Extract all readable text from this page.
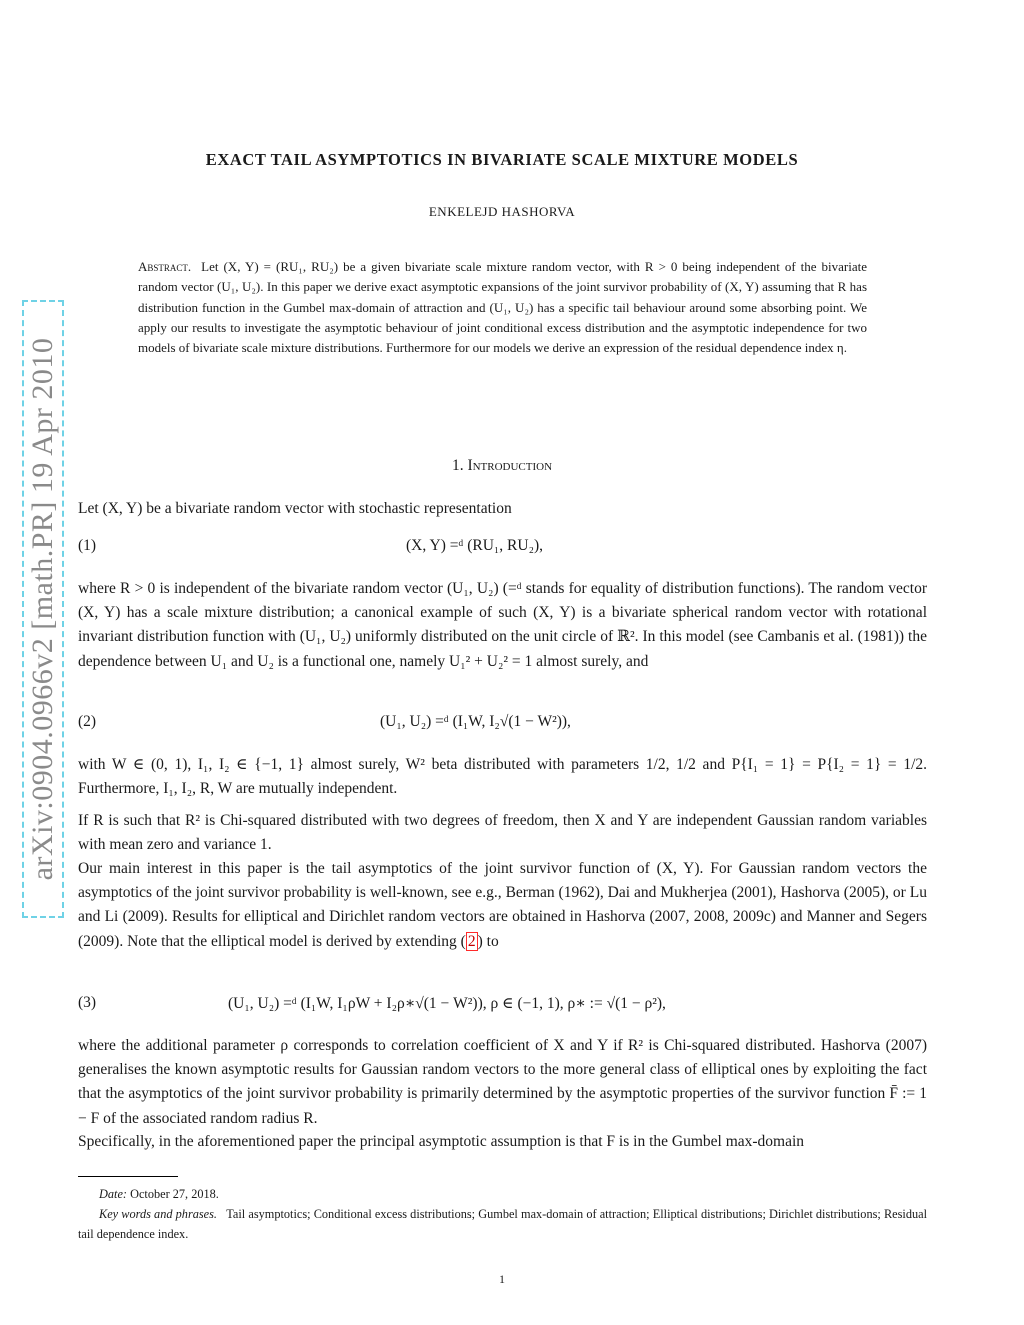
arXiv:0904.0966v2 [math.PR] 19 Apr 2010
EXACT TAIL ASYMPTOTICS IN BIVARIATE SCALE MIXTURE MODELS
ENKELEJD HASHORVA
Abstract. Let (X, Y) = (RU₁, RU₂) be a given bivariate scale mixture random vector, with R > 0 being independent of the bivariate random vector (U₁, U₂). In this paper we derive exact asymptotic expansions of the joint survivor probability of (X, Y) assuming that R has distribution function in the Gumbel max-domain of attraction and (U₁, U₂) has a specific tail behaviour around some absorbing point. We apply our results to investigate the asymptotic behaviour of joint conditional excess distribution and the asymptotic independence for two models of bivariate scale mixture distributions. Furthermore for our models we derive an expression of the residual dependence index η.
1. Introduction

Let (X, Y) be a bivariate random vector with stochastic representation

(1)	(X, Y) =ᵈ (RU₁, RU₂),

where R > 0 is independent of the bivariate random vector (U₁, U₂) (=ᵈ stands for equality of distribution functions). The random vector (X, Y) has a scale mixture distribution; a canonical example of such (X, Y) is a bivariate spherical random vector with rotational invariant distribution function with (U₁, U₂) uniformly distributed on the unit circle of ℝ². In this model (see Cambanis et al. (1981)) the dependence between U₁ and U₂ is a functional one, namely U₁² + U₂² = 1 almost surely, and

(2)	(U₁, U₂) =ᵈ (I₁W, I₂√(1 − W²)),

with W ∈ (0, 1), I₁, I₂ ∈ {−1, 1} almost surely, W² beta distributed with parameters 1/2, 1/2 and P{I₁ = 1} = P{I₂ = 1} = 1/2. Furthermore, I₁, I₂, R, W are mutually independent.

If R is such that R² is Chi-squared distributed with two degrees of freedom, then X and Y are independent Gaussian random variables with mean zero and variance 1.

Our main interest in this paper is the tail asymptotics of the joint survivor function of (X, Y). For Gaussian random vectors the asymptotics of the joint survivor probability is well-known, see e.g., Berman (1962), Dai and Mukherjea (2001), Hashorva (2005), or Lu and Li (2009). Results for elliptical and Dirichlet random vectors are obtained in Hashorva (2007, 2008, 2009c) and Manner and Segers (2009). Note that the elliptical model is derived by extending ( 2 ) to

(3)	(U₁, U₂) =ᵈ (I₁W, I₁ρW + I₂ρ∗√(1 − W²)), ρ ∈ (−1, 1), ρ∗ := √(1 − ρ²),

where the additional parameter ρ corresponds to correlation coefficient of X and Y if R² is Chi-squared distributed. Hashorva (2007) generalises the known asymptotic results for Gaussian random vectors to the more general class of elliptical ones by exploiting the fact that the asymptotics of the joint survivor probability is primarily determined by the asymptotic properties of the survivor function F̄ := 1 − F of the associated random radius R.

Specifically, in the aforementioned paper the principal asymptotic assumption is that F is in the Gumbel max-domain

Date: October 27, 2018.
Key words and phrases. Tail asymptotics; Conditional excess distributions; Gumbel max-domain of attraction; Elliptical distributions; Dirichlet distributions; Residual tail dependence index.
1
